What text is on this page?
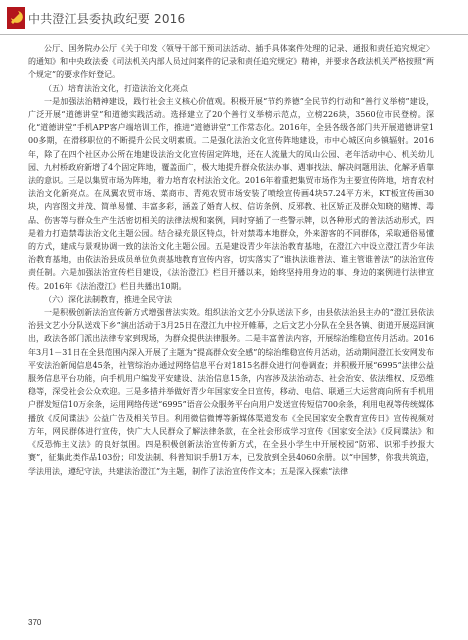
中共澄江县委执政纪要 2016

公厅、国务院办公厅《关于印发〈领导干部干预司法活动、插手具体案件处理的记录、通报和责任追究规定〉的通知》和中央政法委《司法机关内部人员过问案件的记录和责任追究规定》精神，并要求各政法机关严格按照“两个规定”的要求作好登记。

（五）培育法治文化，打造法治文化亮点

一是加强法治精神建设，践行社会主义核心价值观。积极开展“节约养德”全民节约行动和“善行义举榜”建设，广泛开展“道德讲堂”和道德实践活动。选择建立了20个善行义举榜示范点，立榜226块，3560位市民登榜。深化“道德讲堂”手机APP客户端培训工作，推进“道德讲堂”工作常态化。2016年，全县各级各部门共开展道德讲堂100多期，在滑移职位的不断提升公民文明素质。二是强化法治文化宣传阵地建设，市中心城区向乡镇辐射。2016年，除了在四个社区办公所在地建设法治文化宣传固定阵地，还在人流量大的凤山公园、老年活动中心、机关幼儿园、九村桥政府新增了4个固定阵地，覆盖面广，极大地提升群众依法办事、遇事找法、解决问题用法、化解矛盾靠法的意识。三是以集贸市场为阵地，着力培育农村法治文化。2016年着重把集贸市场作为主要宣传阵地，培育农村法治文化新亮点。在凤翼农贸市场、菜商市、青苑农贸市场安装了喷绘宣传画4块57.24平方米，KT板宣传画30块，内容图文并茂、简单易懂、丰富多彩，涵盖了婚育人权、信访条例、反邪教、社区矫正及群众知晓的赌博、毒品、伤害等与群众生产生活密切相关的法律法规和案例，同时穿插了一些警示牌，以各种形式的普法活动形式，四是着力打造禁毒法治文化主题公园。结合禄充景区特点，针对禁毒本地群众，外来游客的不同群体，采取通俗易懂的方式，建成与景观协调一致的法治文化主题公园。五是建设青少年法治教育基地，在澄江六中设立澄江青少年法治教育基地，由依法治县成员单位负责基地教育宣传内容，切实落实了“谁执法谁普法、谁主管谁普法”的法治宣传责任制。六是加强法治宣传栏目建设，《法治澄江》栏目开播以来，始终坚持用身边的事、身边的案例进行法律宣传。2016年《法治澄江》栏目共播出10期。

（六）深化法制教育，推进全民守法

一是积极创新法治宣传新方式增强普法实效。组织法治文艺小分队送法下乡，由县依法治县主办的“澄江县依法治县文艺小分队送戏下乡”演出活动于3月25日在澄江九中拉开帷幕，之后文艺小分队在全县各镇、街道开展巡回演出，政法各部门派出法律专家到现场，为群众提供法律服务。二是丰富普法内容，开展综治维稳宣传月活动。2016年3月1－31日在全县范围内深入开展了主题为“提高群众安全感”的综治维稳宣传月活动，活动期间澄江长安网发布平安法治新闻信息45条，社管综治办通过网络信息平台对1815名群众进行问卷调查；并积极开展“6995”法律公益服务信息平台功能，向手机用户编发平安建设、法治信息15条，内容涉及法治动态、社会治安、依法维权、反恐维稳等，深受社会公众欢迎。三是多措并举做好青少年国家安全日宣传，移动、电信、联通三大运营商向所有手机用户群发短信10万余条，运用网络传送“6995”语音公众服务平台向用户发送宣传短信700余条，利用电视等传统媒体播放《反间谍法》公益广告及相关节目。利用微信微博等新媒体渠道发布《全民国家安全教育宣传日》宣传视频对方年，网民群体进行宣传，快广大人民群众了解法律条款，在全社会形成学习宣传《国家安全法》《反间谍法》和《反恐怖主义法》的良好氛围。四是积极创新法治宣传新方式，在全县小学生中开展校园“防邪、识邪手抄报大赛”，征集此类作品103份；印发法制、科普知识手册1万本，已发放到全县4060余册。以“中国梦，你我共筑造，学法用法，遵纪守法，共建法治澄江”为主题，制作了法治宣传作文本；五是深入探索“法律

370
